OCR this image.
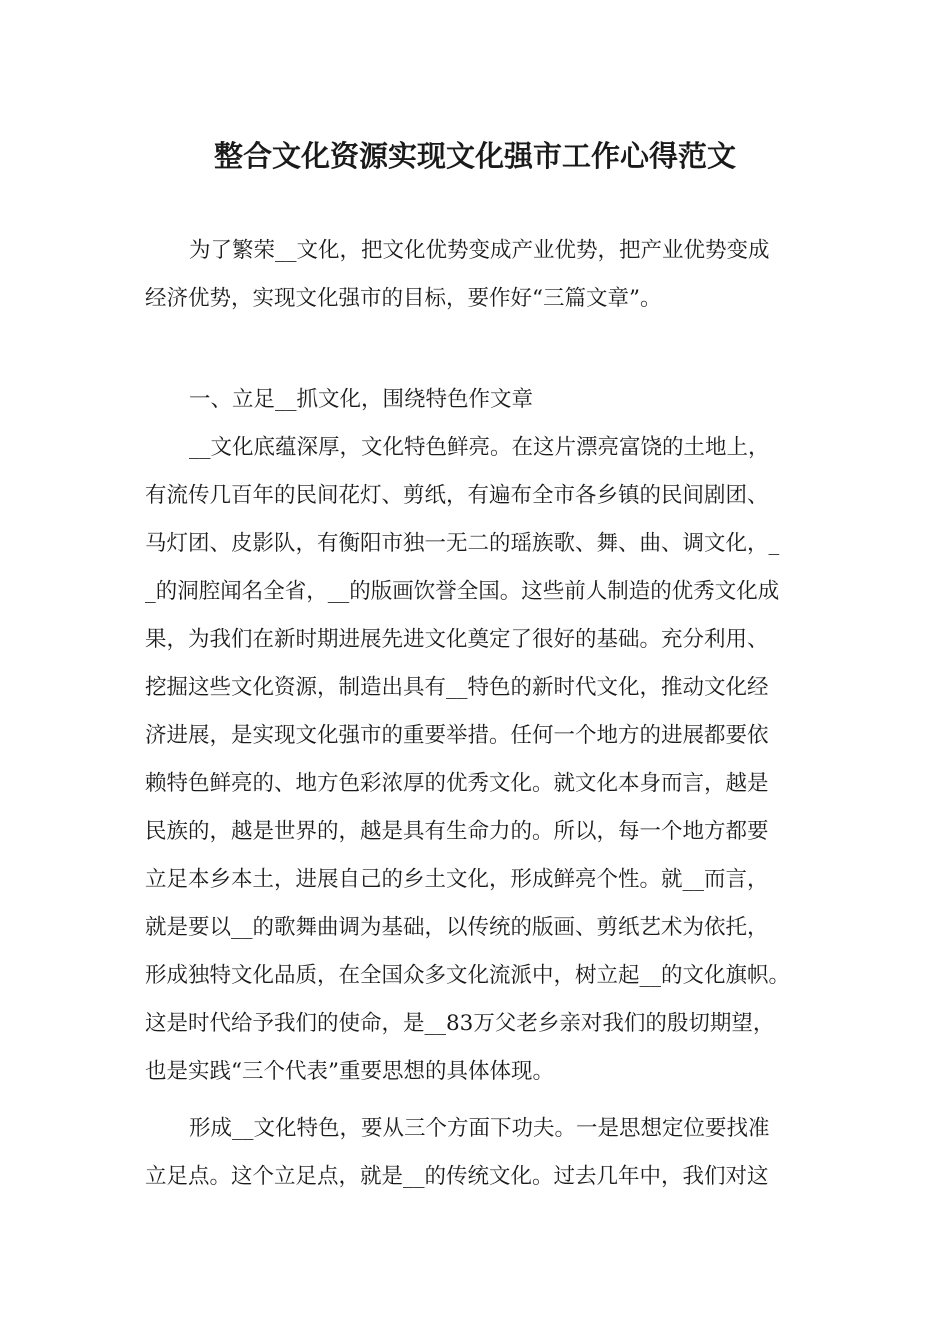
整合文化资源实现文化强市工作心得范文
为了繁荣__文化，把文化优势变成产业优势，把产业优势变成
经济优势，实现文化强市的目标，要作好“三篇文章”。
一、立足__抓文化，围绕特色作文章
__文化底蕴深厚，文化特色鲜亮。在这片漂亮富饶的土地上，
有流传几百年的民间花灯、剪纸，有遍布全市各乡镇的民间剧团、
马灯团、皮影队，有衡阳市独一无二的瑶族歌、舞、曲、调文化，_
_的洞腔闻名全省，__的版画饮誉全国。这些前人制造的优秀文化成
果，为我们在新时期进展先进文化奠定了很好的基础。充分利用、
挖掘这些文化资源，制造出具有__特色的新时代文化，推动文化经
济进展，是实现文化强市的重要举措。任何一个地方的进展都要依
赖特色鲜亮的、地方色彩浓厚的优秀文化。就文化本身而言，越是
民族的，越是世界的，越是具有生命力的。所以，每一个地方都要
立足本乡本土，进展自己的乡土文化，形成鲜亮个性。就__而言，
就是要以__的歌舞曲调为基础，以传统的版画、剪纸艺术为依托，
形成独特文化品质，在全国众多文化流派中，树立起__的文化旗帜。
这是时代给予我们的使命，是__83万父老乡亲对我们的殷切期望，
也是实践“三个代表”重要思想的具体体现。
形成__文化特色，要从三个方面下功夫。一是思想定位要找准
立足点。这个立足点，就是__的传统文化。过去几年中，我们对这
